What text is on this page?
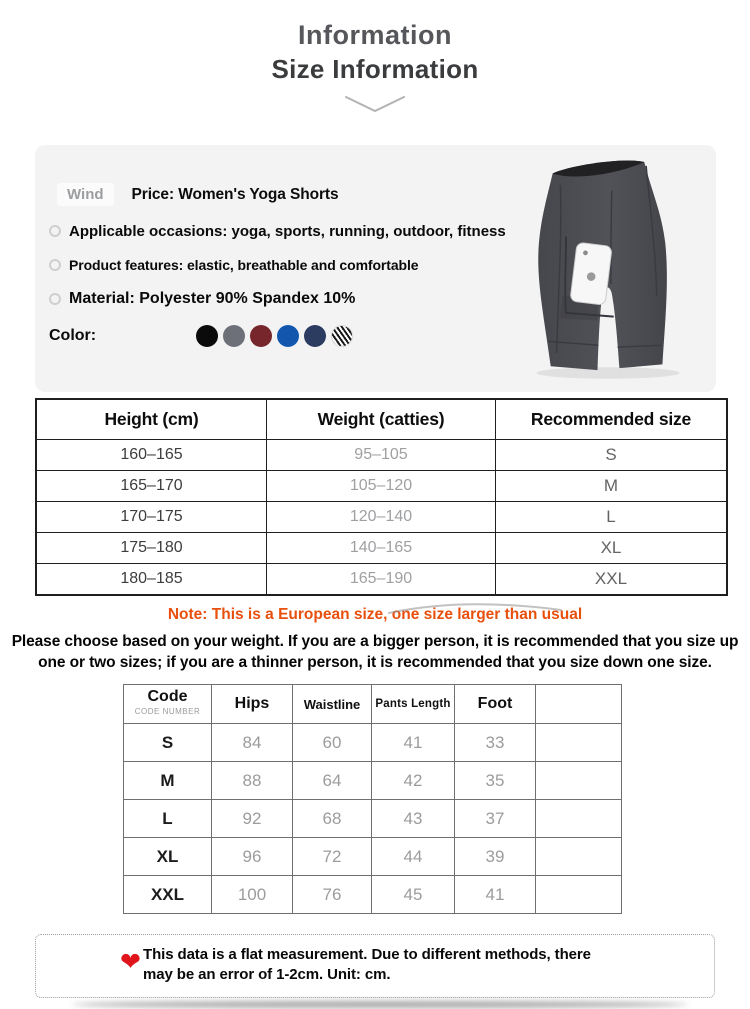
Information
Size Information
Wind	Price: Women's Yoga Shorts
Applicable occasions: yoga, sports, running, outdoor, fitness
Product features: elastic, breathable and comfortable
Material: Polyester 90% Spandex 10%
Color:
Height (cm)	Weight (catties)	Recommended size
160–165	95–105	S
165–170	105–120	M
170–175	120–140	L
175–180	140–165	XL
180–185	165–190	XXL
Note: This is a European size, one size larger than usual
Please choose based on your weight. If you are a bigger person, it is recommended that you size up
one or two sizes; if you are a thinner person, it is recommended that you size down one size.
Code
CODE NUMBER	Hips	Waistline	Pants Length	Foot	
S	84	60	41	33	
M	88	64	42	35	
L	92	68	43	37	
XL	96	72	44	39	
XXL	100	76	45	41	
❤ This data is a flat measurement. Due to different methods, there
may be an error of 1-2cm. Unit: cm.
